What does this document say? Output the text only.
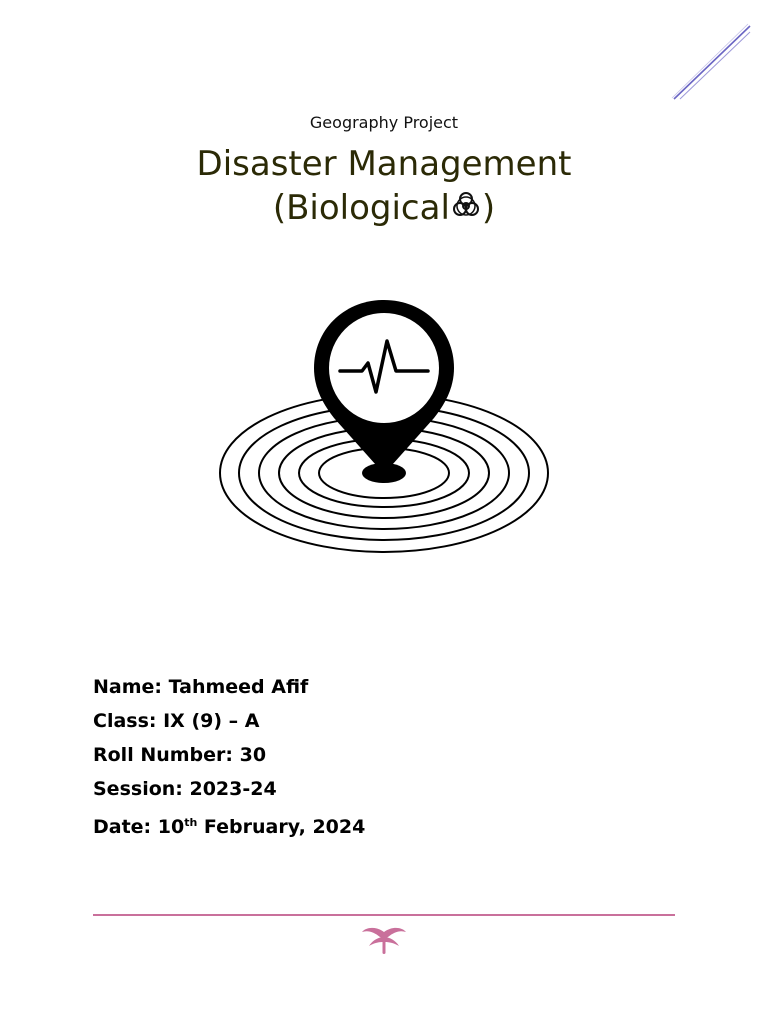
Geography Project
Disaster Management
(Biological )
Name: Tahmeed Afif
Class: IX (9) – A
Roll Number: 30
Session: 2023-24
Date: 10th February, 2024
